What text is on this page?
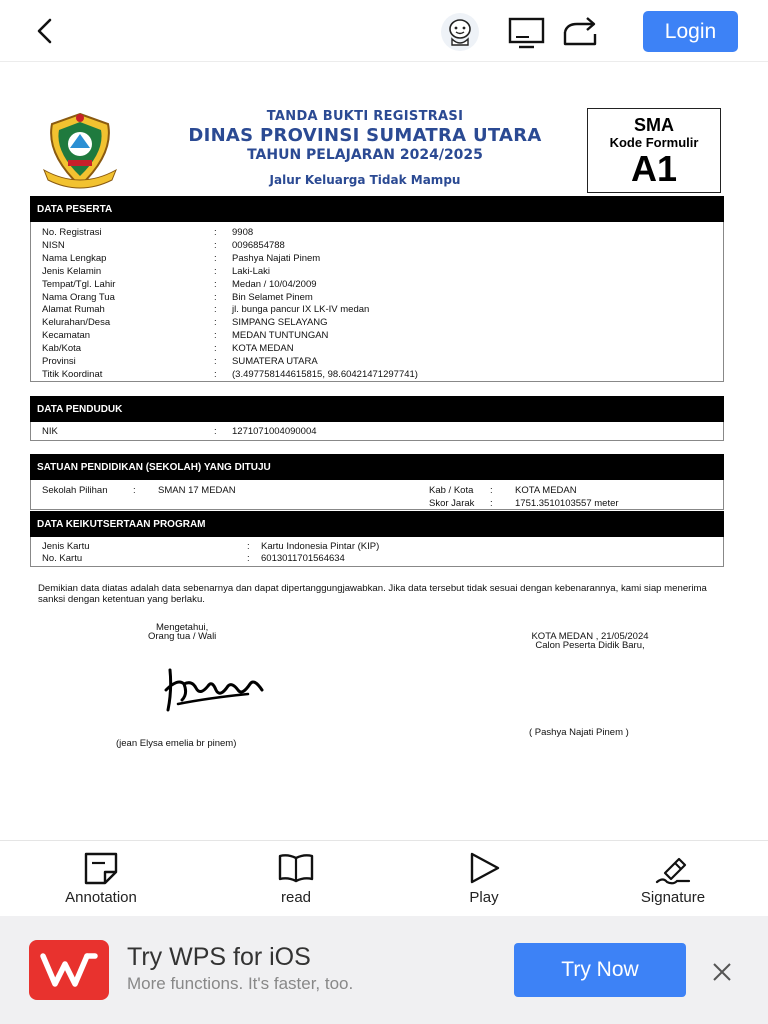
Login
TANDA BUKTI REGISTRASI
DINAS PROVINSI SUMATRA UTARA
TAHUN PELAJARAN 2024/2025
Jalur Keluarga Tidak Mampu
SMA
Kode Formulir
A1
DATA PESERTA
No. Registrasi	: 9908
NISN	: 0096854788
Nama Lengkap	: Pashya Najati Pinem
Jenis Kelamin	: Laki-Laki
Tempat/Tgl. Lahir	: Medan / 10/04/2009
Nama Orang Tua	: Bin Selamet Pinem
Alamat Rumah	: jl. bunga pancur IX LK-IV medan
Kelurahan/Desa	: SIMPANG SELAYANG
Kecamatan	: MEDAN TUNTUNGAN
Kab/Kota	: KOTA MEDAN
Provinsi	: SUMATERA UTARA
Titik Koordinat	: (3.497758144615815, 98.60421471297741)
DATA PENDUDUK
NIK	: 1271071004090004
SATUAN PENDIDIKAN (SEKOLAH) YANG DITUJU
Sekolah Pilihan	: SMAN 17 MEDAN	Kab / Kota : KOTA MEDAN
Skor Jarak : 1751.3510103557 meter
DATA KEIKUTSERTAAN PROGRAM
Jenis Kartu	: Kartu Indonesia Pintar (KIP)
No. Kartu	: 6013011701564634
Demikian data diatas adalah data sebenarnya dan dapat dipertanggungjawabkan. Jika data tersebut tidak sesuai dengan kebenarannya, kami siap menerima sanksi dengan ketentuan yang berlaku.
Mengetahui,
Orang tua / Wali	KOTA MEDAN , 21/05/2024
Calon Peserta Didik Baru,
(jean Elysa emelia br pinem)
( Pashya Najati Pinem )
Annotation	read	Play	Signature
Try WPS for iOS
More functions. It's faster, too.
Try Now
